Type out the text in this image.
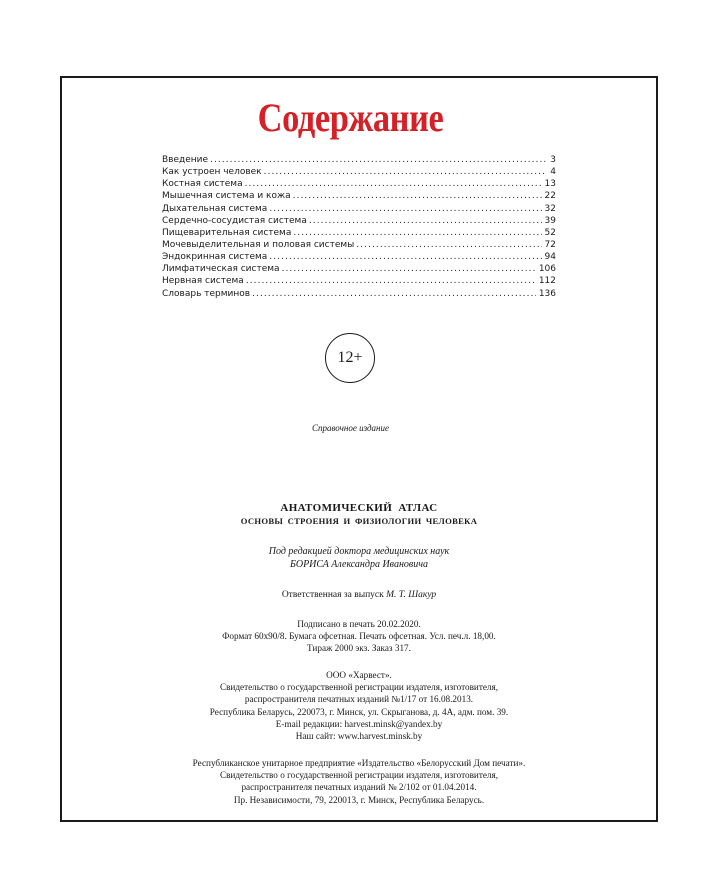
Содержание
Введение . . .	3
Как устроен человек . . .	4
Костная система . . .	13
Мышечная система и кожа . . .	22
Дыхательная система . . .	32
Сердечно-сосудистая система . . .	39
Пищеварительная система . . .	52
Мочевыделительная и половая системы . . .	72
Эндокринная система . . .	94
Лимфатическая система . . .	106
Нервная система . . .	112
Словарь терминов . . .	136
12+
Справочное издание
АНАТОМИЧЕСКИЙ АТЛАС
ОСНОВЫ СТРОЕНИЯ И ФИЗИОЛОГИИ ЧЕЛОВЕКА
Под редакцией доктора медицинских наук
БОРИСА Александра Ивановича
Ответственная за выпуск М. Т. Шакур
Подписано в печать 20.02.2020.
Формат 60x90/8. Бумага офсетная. Печать офсетная. Усл. печ.л. 18,00.
Тираж 2000 экз. Заказ 317.
ООО «Харвест».
Свидетельство о государственной регистрации издателя, изготовителя,
распространителя печатных изданий №1/17 от 16.08.2013.
Республика Беларусь, 220073, г. Минск, ул. Скрыганова, д. 4А, адм. пом. 39.
E-mail редакции: harvest.minsk@yandex.by
Наш сайт: www.harvest.minsk.by
Республиканское унитарное предприятие «Издательство «Белорусский Дом печати».
Свидетельство о государственной регистрации издателя, изготовителя,
распространителя печатных изданий № 2/102 от 01.04.2014.
Пр. Независимости, 79, 220013, г. Минск, Республика Беларусь.
